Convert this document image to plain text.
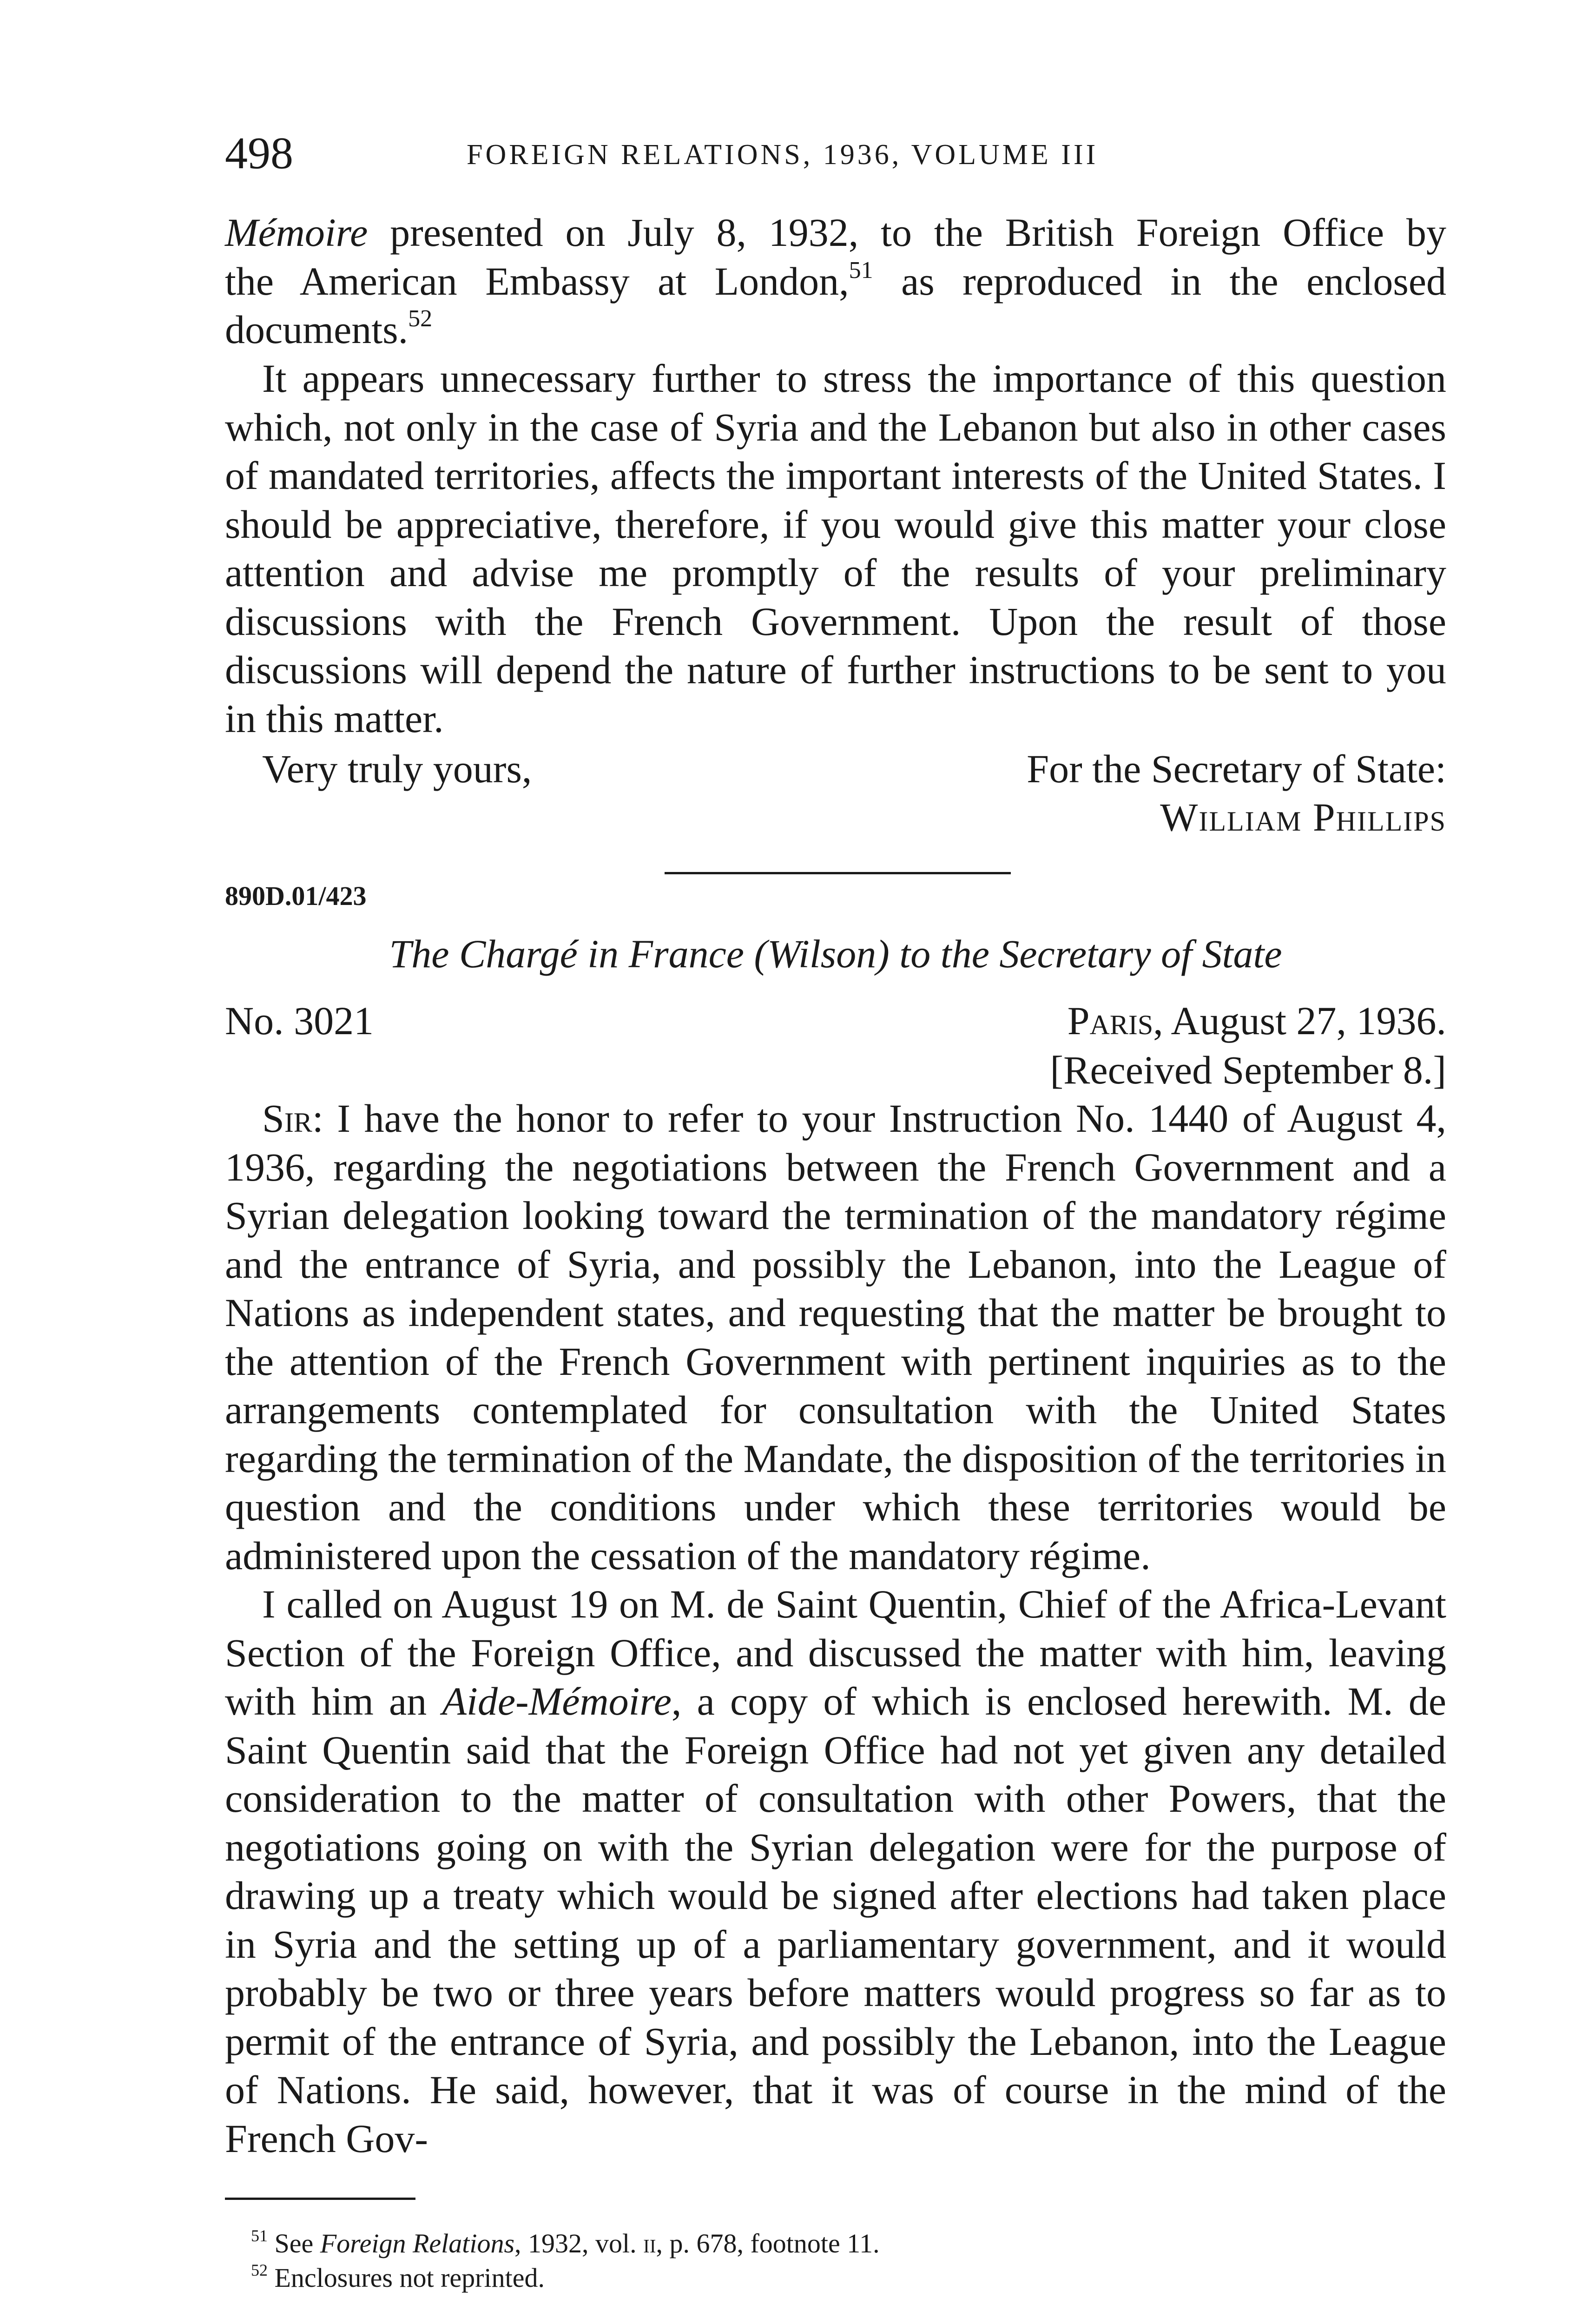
498	FOREIGN RELATIONS, 1936, VOLUME III
Mémoire presented on July 8, 1932, to the British Foreign Office by
the American Embassy at London,$^{51}$ as reproduced in the enclosed
documents.$^{52}$

It appears unnecessary further to stress the importance of this question which, not only in the case of Syria and the Lebanon but also in other cases of mandated territories, affects the important interests of the United States. I should be appreciative, therefore, if you would give this matter your close attention and advise me promptly of the results of your preliminary discussions with the French Government. Upon the result of those discussions will depend the nature of further instructions to be sent to you in this matter.

Very truly yours,	For the Secretary of State:
William Phillips
890D.01/423
The Chargé in France (Wilson) to the Secretary of State
No. 3021	Paris, August 27, 1936.
[Received September 8.]

Sir: I have the honor to refer to your Instruction No. 1440 of August 4, 1936, regarding the negotiations between the French Government and a Syrian delegation looking toward the termination of the mandatory régime and the entrance of Syria, and possibly the Lebanon, into the League of Nations as independent states, and requesting that the matter be brought to the attention of the French Government with pertinent inquiries as to the arrangements contemplated for consultation with the United States regarding the termination of the Mandate, the disposition of the territories in question and the conditions under which these territories would be administered upon the cessation of the mandatory régime.

I called on August 19 on M. de Saint Quentin, Chief of the Africa-Levant Section of the Foreign Office, and discussed the matter with him, leaving with him an Aide-Mémoire, a copy of which is enclosed herewith. M. de Saint Quentin said that the Foreign Office had not yet given any detailed consideration to the matter of consultation with other Powers, that the negotiations going on with the Syrian delegation were for the purpose of drawing up a treaty which would be signed after elections had taken place in Syria and the setting up of a parliamentary government, and it would probably be two or three years before matters would progress so far as to permit of the entrance of Syria, and possibly the Lebanon, into the League of Nations. He said, however, that it was of course in the mind of the French Gov-

$^{51}$ See Foreign Relations, 1932, vol. ii, p. 678, footnote 11.
$^{52}$ Enclosures not reprinted.
